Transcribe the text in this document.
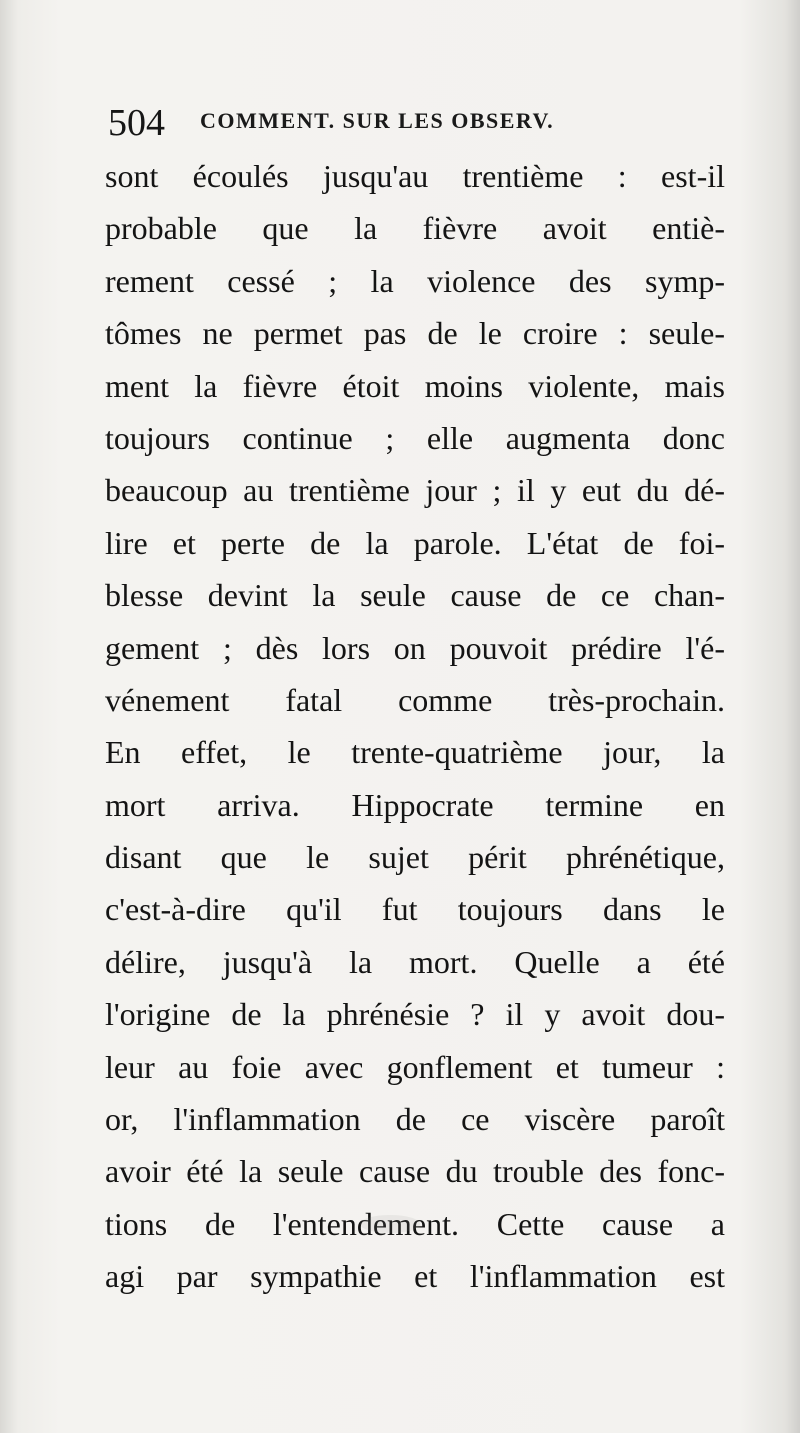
504 COMMENT. SUR LES OBSERV.
sont écoulés jusqu'au trentième : est-il
probable que la fièvre avoit entiè-
rement cessé ; la violence des symp-
tômes ne permet pas de le croire : seule-
ment la fièvre étoit moins violente, mais
toujours continue ; elle augmenta donc
beaucoup au trentième jour ; il y eut du dé-
lire et perte de la parole. L'état de foi-
blesse devint la seule cause de ce chan-
gement ; dès lors on pouvoit prédire l'é-
vénement fatal comme très-prochain.
En effet, le trente-quatrième jour, la
mort arriva. Hippocrate termine en
disant que le sujet périt phrénétique,
c'est-à-dire qu'il fut toujours dans le
délire, jusqu'à la mort. Quelle a été
l'origine de la phrénésie ? il y avoit dou-
leur au foie avec gonflement et tumeur :
or, l'inflammation de ce viscère paroît
avoir été la seule cause du trouble des fonc-
tions de l'entendement. Cette cause a
agi par sympathie et l'inflammation est
